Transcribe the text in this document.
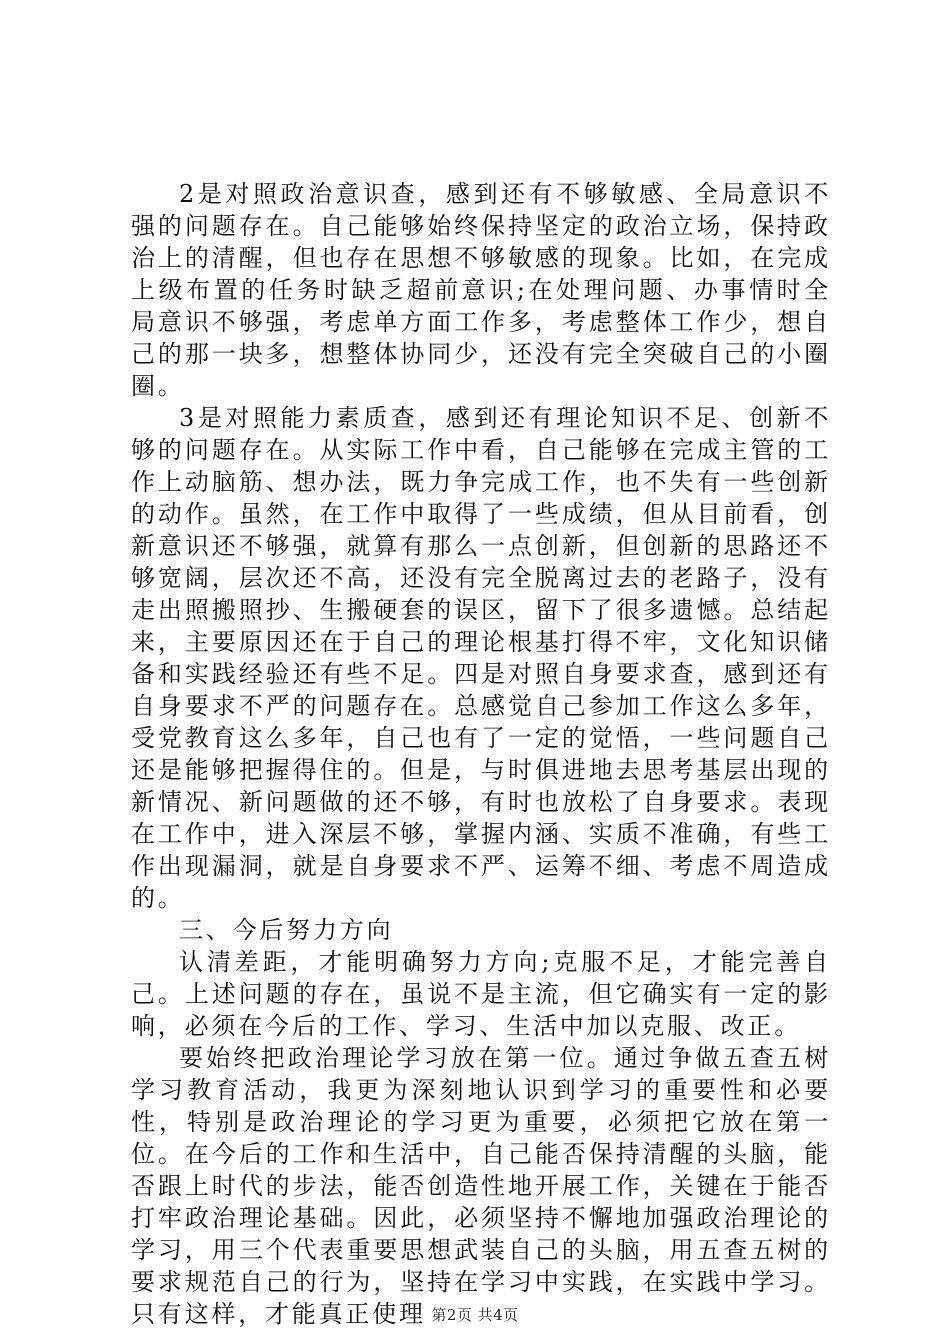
2是对照政治意识查，感到还有不够敏感、全局意识不强的问题存在。自己能够始终保持坚定的政治立场，保持政治上的清醒，但也存在思想不够敏感的现象。比如，在完成上级布置的任务时缺乏超前意识;在处理问题、办事情时全局意识不够强，考虑单方面工作多，考虑整体工作少，想自己的那一块多，想整体协同少，还没有完全突破自己的小圈圈。

3是对照能力素质查，感到还有理论知识不足、创新不够的问题存在。从实际工作中看，自己能够在完成主管的工作上动脑筋、想办法，既力争完成工作，也不失有一些创新的动作。虽然，在工作中取得了一些成绩，但从目前看，创新意识还不够强，就算有那么一点创新，但创新的思路还不够宽阔，层次还不高，还没有完全脱离过去的老路子，没有走出照搬照抄、生搬硬套的误区，留下了很多遗憾。总结起来，主要原因还在于自己的理论根基打得不牢，文化知识储备和实践经验还有些不足。四是对照自身要求查，感到还有自身要求不严的问题存在。总感觉自己参加工作这么多年，受党教育这么多年，自己也有了一定的觉悟，一些问题自己还是能够把握得住的。但是，与时俱进地去思考基层出现的新情况、新问题做的还不够，有时也放松了自身要求。表现在工作中，进入深层不够，掌握内涵、实质不准确，有些工作出现漏洞，就是自身要求不严、运筹不细、考虑不周造成的。

三、今后努力方向

认清差距，才能明确努力方向;克服不足，才能完善自己。上述问题的存在，虽说不是主流，但它确实有一定的影响，必须在今后的工作、学习、生活中加以克服、改正。

要始终把政治理论学习放在第一位。通过争做五查五树学习教育活动，我更为深刻地认识到学习的重要性和必要性，特别是政治理论的学习更为重要，必须把它放在第一位。在今后的工作和生活中，自己能否保持清醒的头脑，能否跟上时代的步法，能否创造性地开展工作，关键在于能否打牢政治理论基础。因此，必须坚持不懈地加强政治理论的学习，用三个代表重要思想武装自己的头脑，用五查五树的要求规范自己的行为，坚持在学习中实践，在实践中学习。只有这样，才能真正使理 第2页 共4页
